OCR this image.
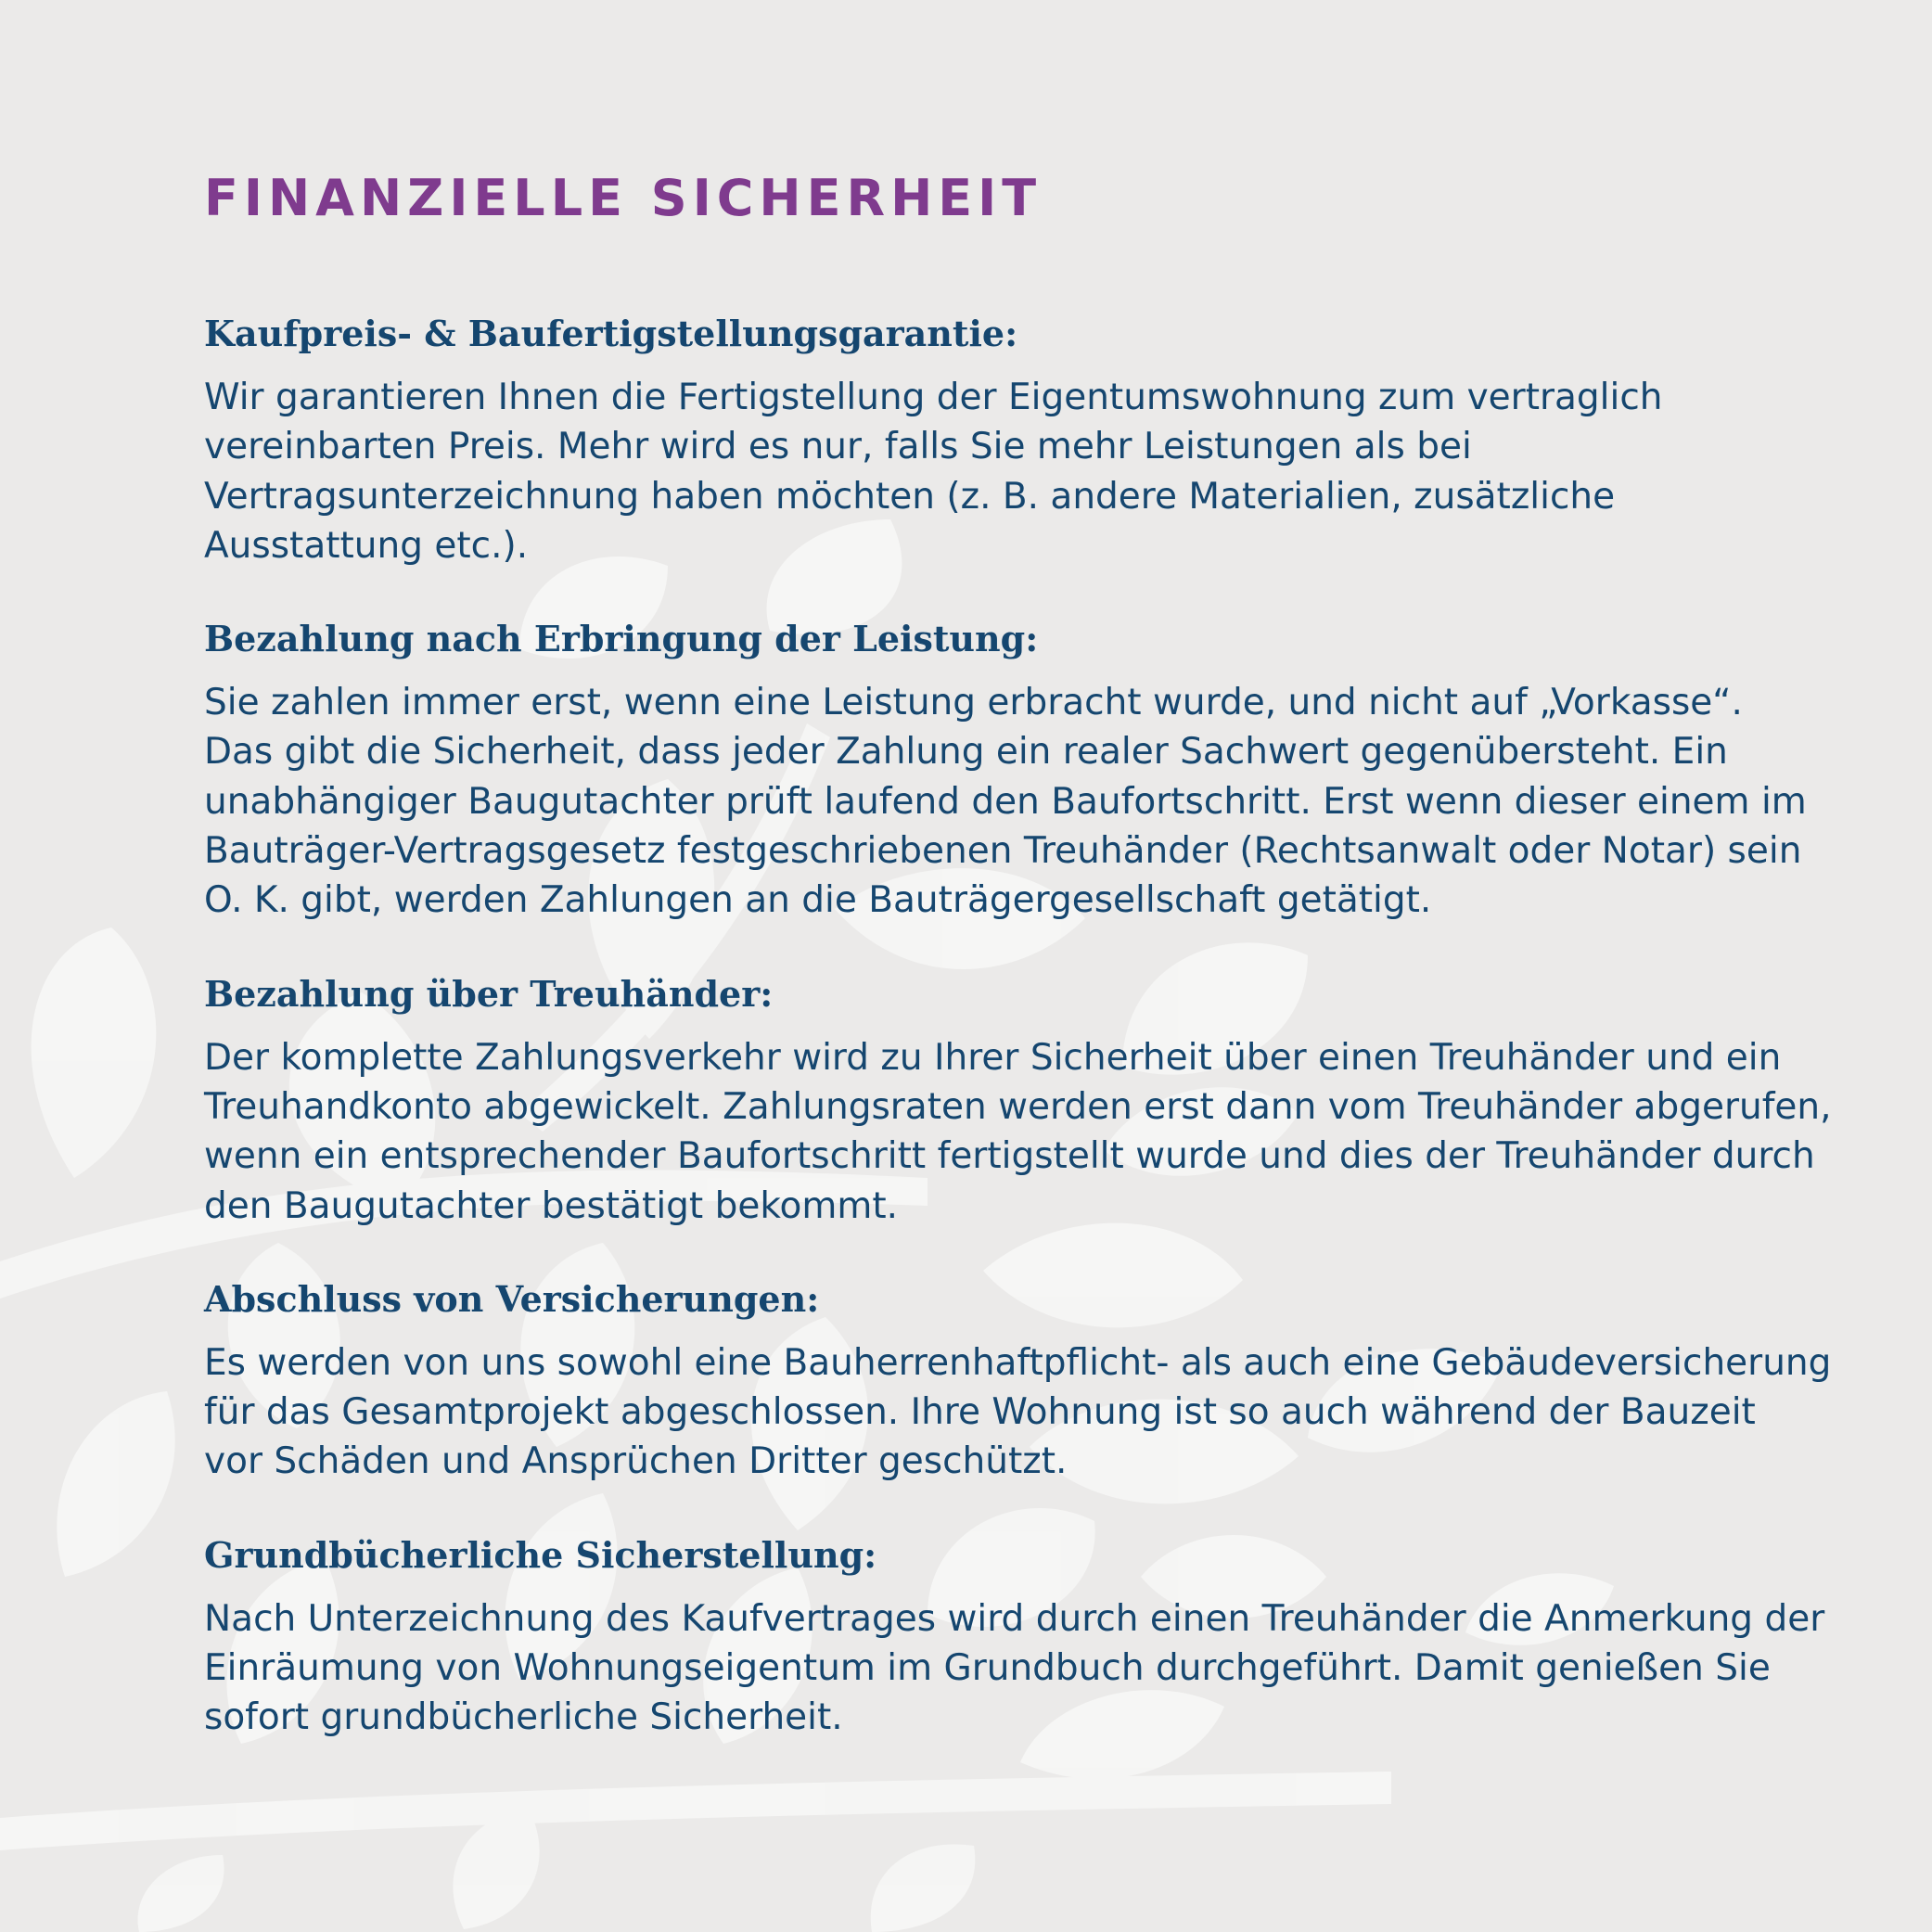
FINANZIELLE SICHERHEIT
Kaufpreis- & Baufertigstellungsgarantie:

Wir garantieren Ihnen die Fertigstellung der Eigentumswohnung zum vertraglich
vereinbarten Preis. Mehr wird es nur, falls Sie mehr Leistungen als bei
Vertragsunterzeichnung haben möchten (z. B. andere Materialien, zusätzliche
Ausstattung etc.).

Bezahlung nach Erbringung der Leistung:

Sie zahlen immer erst, wenn eine Leistung erbracht wurde, und nicht auf „Vorkasse“.
Das gibt die Sicherheit, dass jeder Zahlung ein realer Sachwert gegenübersteht. Ein
unabhängiger Baugutachter prüft laufend den Baufortschritt. Erst wenn dieser einem im
Bauträger-Vertragsgesetz festgeschriebenen Treuhänder (Rechtsanwalt oder Notar) sein
O. K. gibt, werden Zahlungen an die Bauträgergesellschaft getätigt.

Bezahlung über Treuhänder:

Der komplette Zahlungsverkehr wird zu Ihrer Sicherheit über einen Treuhänder und ein
Treuhandkonto abgewickelt. Zahlungsraten werden erst dann vom Treuhänder abgerufen,
wenn ein entsprechender Baufortschritt fertigstellt wurde und dies der Treuhänder durch
den Baugutachter bestätigt bekommt.

Abschluss von Versicherungen:

Es werden von uns sowohl eine Bauherrenhaftpflicht- als auch eine Gebäudeversicherung
für das Gesamtprojekt abgeschlossen. Ihre Wohnung ist so auch während der Bauzeit
vor Schäden und Ansprüchen Dritter geschützt.

Grundbücherliche Sicherstellung:

Nach Unterzeichnung des Kaufvertrages wird durch einen Treuhänder die Anmerkung der
Einräumung von Wohnungseigentum im Grundbuch durchgeführt. Damit genießen Sie
sofort grundbücherliche Sicherheit.
